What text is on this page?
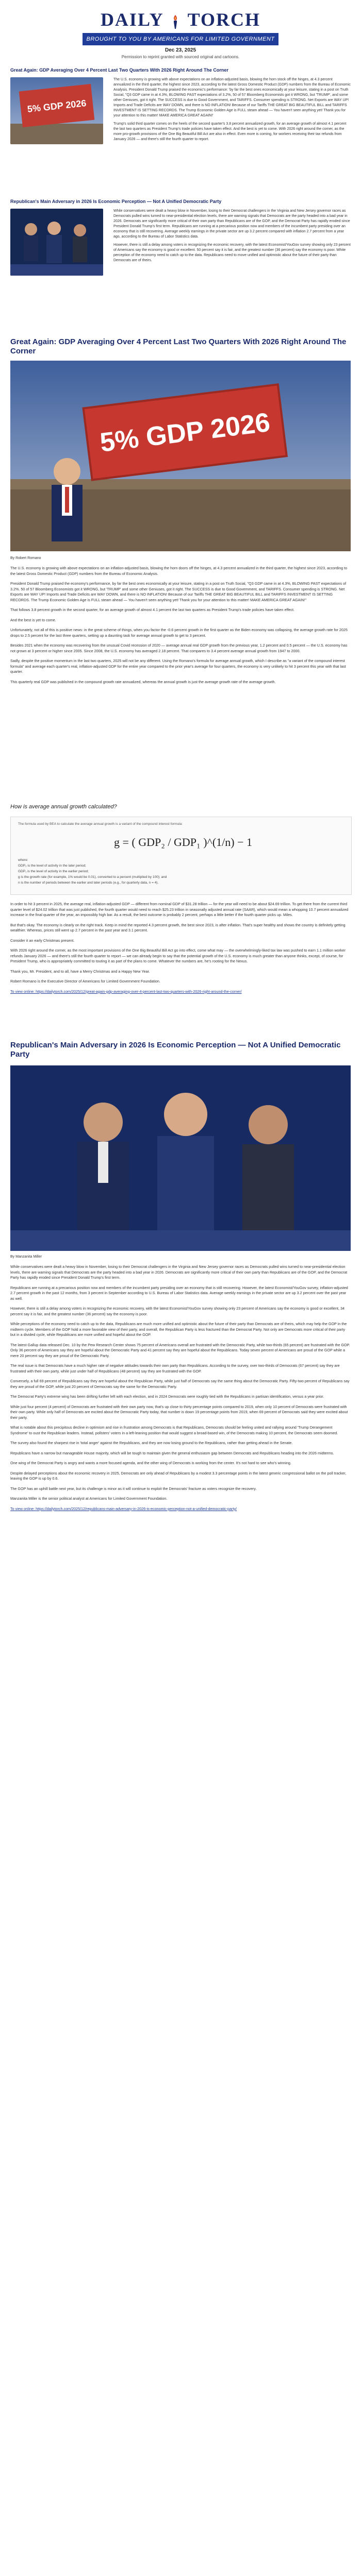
DAILY TORCH
BROUGHT TO YOU BY AMERICANS FOR LIMITED GOVERNMENT
Dec 23, 2025
Permission to reprint granted with sourced original and cartoons.
Great Again: GDP Averaging Over 4 Percent Last Two Quarters With 2026 Right Around The Corner
5% GDP 2026

The U.S. economy is growing with above expectations on an inflation-adjusted basis, blowing the horn stock off the hinges, at 4.3 percent annualized in the third quarter, the highest since 2023, according to the latest Gross Domestic Product (GDP) numbers from the Bureau of Economic Analysis. President Donald Trump praised the economic's performance: 'by far the best ones economically at your leisure, stating in a post on Truth Social, "Q3 GDP came in at 4.3%, BLOWING PAST expectations of 3.2%, 50 of 57 Bloomberg Economists got it WRONG, but 'TRUMP', and some other Geniuses, got it right. The SUCCESS is due to Good Government, and TARIFFS. Consumer spending is STRONG. Net Exports are WAY UP! Imports and Trade Deficits are WAY DOWN, and there is NO INFLATION! Because of our Tariffs THE GREAT BIG BEAUTIFUL BILL and TARIFFS INVESTMENT IS SETTING RECORDS. The Trump Economic Golden Age is FULL steam ahead — You haven't seen anything yet! Thank you for your attention to this matter! MAKE AMERICA GREAT AGAIN!'

Trump's solid third quarter comes on the heels of the second quarter's 3.8 percent annualized growth, for an average growth of almost 4.1 percent the last two quarters as President Trump's trade policies have taken effect. And the best is yet to come. With 2026 right around the corner, as the more pro-growth provisions of the One Big Beautiful Bill Act are also in effect. Even more is coming, for workers receiving their tax refunds from January 2026 — and there's still the fourth quarter to report.

Republican's Main Adversary in 2026 Is Economic Perception — Not A Unified Democratic Party

While conservatives were dealt a heavy blow in November, losing to their Democrat challengers in the Virginia and New Jersey governor races as Democrats pulled wins turned to near-presidential election levels, there are warning signals that Democrats are the party headed into a bad year in 2026. Democrats are significantly more critical of their own party than Republicans are of the GOP, and the Democrat Party has rapidly eroded since President Donald Trump's first term. Republicans are running at a precarious position now and members of the incumbent party presiding over an economy that is still recovering. Average weekly earnings in the private sector are up 3.2 percent compared with inflation 2.7 percent from a year ago, according to the Bureau of Labor Statistics data.

However, there is still a delay among voters in recognizing the economic recovery, with the latest Economist/YouGov survey showing only 23 percent of Americans say the economy is good or excellent. 50 percent say it is fair, and the greatest number (36 percent) say the economy is poor. White perception of the economy need to catch up to the data. Republicans need to move unified and optimistic about the future of their party than Democrats are of theirs.

Great Again: GDP Averaging Over 4 Percent Last Two Quarters With 2026 Right Around The Corner
5% GDP 2026
By Robert Romano

The U.S. economy is growing with above expectations on an inflation-adjusted basis, blowing the horn doors off the hinges, at 4.3 percent annualized in the third quarter, the highest since 2023, according to the latest Gross Domestic Product (GDP) numbers from the Bureau of Economic Analysis.

President Donald Trump praised the economy's performance, by far the best ones economically at your leisure, stating in a post on Truth Social, "Q3 GDP came in at 4.3%, BLOWING PAST expectations of 3.2%. 50 of 57 Bloomberg Economists got it WRONG, but 'TRUMP' and some other Geniuses, got it right. The SUCCESS is due to Good Government, and TARIFFS. Consumer spending is STRONG. Net Exports are WAY UP! Imports and Trade Deficits are WAY DOWN, and there is NO INFLATION! Because of our Tariffs THE GREAT BIG BEAUTIFUL BILL and TARIFFS INVESTMENT IS SETTING RECORDS. The Trump Economic Golden Age is FULL steam ahead — You haven't seen anything yet! Thank you for your attention to this matter! MAKE AMERICA GREAT AGAIN!"

That follows 3.8 percent growth in the second quarter, for an average growth of almost 4.1 percent the last two quarters as President Trump's trade policies have taken effect.

And the best is yet to come.

Unfortunately, not all of this is positive news: in the great scheme of things, when you factor the -0.6 percent growth in the first quarter as the Biden economy was collapsing, the average growth rate for 2025 drops to 2.5 percent for the last three quarters, setting up a daunting task for average annual growth to get to 3 percent.

Besides 2021 when the economy was recovering from the unusual Covid recession of 2020 — average annual real GDP growth from the previous year, 1.2 percent and 0.5 percent — the U.S. economy has not grown at 3 percent or higher since 2005. Since 2008, the U.S. economy has averaged 2.18 percent. That compares to 3.4 percent average annual growth from 1947 to 2000.

Sadly, despite the positive momentum in the last two quarters, 2025 will not be any different. Using the Romano's formula for average annual growth, which I describe as "a variant of the compound interest formula" and average each quarter's real, inflation-adjusted GDP for the entire year compared to the prior year's average for four quarters, the economy is very unlikely to hit 3 percent this year with that last quarter.

This quarterly real GDP was published in the compound growth rate annualized, whereas the annual growth is just the average growth rate of the average growth.

How is average annual growth calculated?
The formula used by BEA to calculate the average annual growth is a variant of the compound interest formula:
g = ( GDP₂ / GDP₁ )^(1/n) − 1
where:
GDP₂ is the level of activity in the later period;
GDP₁ is the level of activity in the earlier period;
g is the growth rate (for example, 1% would be 0.01), converted to a percent (multiplied by 100); and
n is the number of periods between the earlier and later periods (e.g., for quarterly data, n = 4).

In order to hit 3 percent in 2025, the average real, inflation-adjusted GDP — different from nominal GDP of $31.28 trillion — for the year will need to be about $24.69 trillion. To get there from the current third quarter level of $24.02 trillion that was just published, the fourth quarter would need to reach $25.23 trillion in seasonally adjusted annual rate (SAAR), which would mean a whopping 10.7 percent annualized increase in the final quarter of the year, an impossibly high bar. As a result, the best outcome is probably 2 percent, perhaps a little better if the fourth quarter picks up. Miles.

But that's okay. The economy is clearly on the right track. Keep in mind the reported 4.3 percent growth, the best since 2023, is after inflation. That's super healthy and shows the country is definitely getting wealthier. Whereas, prices still went up 2.7 percent in the past year and 3.1 percent.

Consider it an early Christmas present.

With 2026 right around the corner, as the most important provisions of the One Big Beautiful Bill Act go into effect, come what may — the overwhelmingly-liked tax law was pushed to earn 1.1 million worker refunds January 2026 — and there's still the fourth quarter to report — we can already begin to say that the potential growth of the U.S. economy is much greater than anyone thinks, except, of course, for President Trump, who is appropriately committed to touting it as part of the plans to come. Whatever the numbers are, he's rooting for the Nexus.

Thank you, Mr. President, and to all, have a Merry Christmas and a Happy New Year.

Robert Romano is the Executive Director of Americans for Limited Government Foundation.

To view online: https://dailytorch.com/2025/12/great-again-gdp-averaging-over-4-percent-last-two-quarters-with-2026-right-around-the-corner/

Republican's Main Adversary in 2026 Is Economic Perception — Not A Unified Democratic Party
By Manzanita Miller

While conservatives were dealt a heavy blow in November, losing to their Democrat challengers in the Virginia and New Jersey governor races as Democrats pulled wins turned to near-presidential election levels, there are warning signals that Democrats are the party headed into a bad year in 2026. Democrats are significantly more critical of their own party than Republicans are of the GOP, and the Democrat Party has rapidly eroded since President Donald Trump's first term.

Republicans are running at a precarious position now and members of the incumbent party presiding over an economy that is still recovering. However, the latest Economist/YouGov survey, inflation-adjusted 2.7 percent growth in the past 12 months, from 3 percent in September according to U.S. Bureau of Labor Statistics data. Average weekly earnings in the private sector are up 3.2 percent over the past year as well.

However, there is still a delay among voters in recognizing the economic recovery, with the latest Economist/YouGov survey showing only 23 percent of Americans say the economy is good or excellent, 34 percent say it is fair, and the greatest number (36 percent) say the economy is poor.

While perceptions of the economy need to catch up to the data, Republicans are much more unified and optimistic about the future of their party than Democrats are of theirs, which may help the GOP in the midterm cycle. Members of the GOP hold a more favorable view of their party, and overall, the Republican Party is less fractured than the Democrat Party. Not only are Democrats more critical of their party but in a divided cycle, while Republicans are more unified and hopeful about the GOP.

The latest Gallup data released Dec. 10 by the Pew Research Center shows 75 percent of Americans overall are frustrated with the Democratic Party, while two-thirds (65 percent) are frustrated with the GOP. Only 36 percent of Americans say they are hopeful about the Democratic Party and 41 percent say they are hopeful about the Republicans. Today seven percent of Americans are proud of the GOP while a mere 20 percent say they are proud of the Democratic Party.

The real issue is that Democrats have a much higher rate of negative attitudes towards their own party than Republicans. According to the survey, over two-thirds of Democrats (67 percent) say they are frustrated with their own party, while just under half of Republicans (48 percent) say they are frustrated with the GOP.

Conversely, a full 69 percent of Republicans say they are hopeful about the Republican Party, while just half of Democrats say the same thing about the Democratic Party. Fifty-two percent of Republicans say they are proud of the GOP, while just 20 percent of Democrats say the same for the Democratic Party.

The Democrat Party's extreme wing has been drifting further left with each election, and in 2024 Democrats were roughly tied with the Republicans in partisan identification, versus a year prior.

While just four percent (4 percent) of Democrats are frustrated with their own party now, that's up close to thirty percentage points compared to 2019, when only 10 percent of Democrats were frustrated with their own party. While only half of Democrats are excited about the Democratic Party today, that number is down 19 percentage points from 2019, when 69 percent of Democrats said they were excited about their party.

What is notable about this precipitous decline in optimism and rise in frustration among Democrats is that Republicans, Democrats should be feeling united and rallying around 'Trump Derangement Syndrome' to oust the Republican leaders. Instead, pollsters' voters in a left-leaning position that would suggest a broad-based win, of the Democrats making 10 percent, the Democrats seem doomed.

The survey also found the sharpest rise in 'total anger' against the Republicans, and they are now losing ground to the Republicans, rather than getting ahead in the Senate.

Republicans have a narrow but manageable House majority, which will be tough to maintain given the general enthusiasm gap between Democrats and Republicans heading into the 2026 midterms.

One wing of the Democrat Party is angry and wants a more focused agenda, and the other wing of Democrats is working from the center. It's not hard to see who's winning.

Despite delayed perceptions about the economic recovery in 2025, Democrats are only ahead of Republicans by a modest 3.3 percentage points in the latest generic congressional ballot on the poll tracker, leaving the GOP is up by 0.6.

The GOP has an uphill battle next year, but its challenge is minor as it will continue to exploit the Democrats' fracture as voters recognize the recovery.

Manzanita Miller is the senior political analyst at Americans for Limited Government Foundation.

To view online: https://dailytorch.com/2025/12/republicans-main-adversary-in-2026-is-economic-perception-not-a-unified-democratic-party/
